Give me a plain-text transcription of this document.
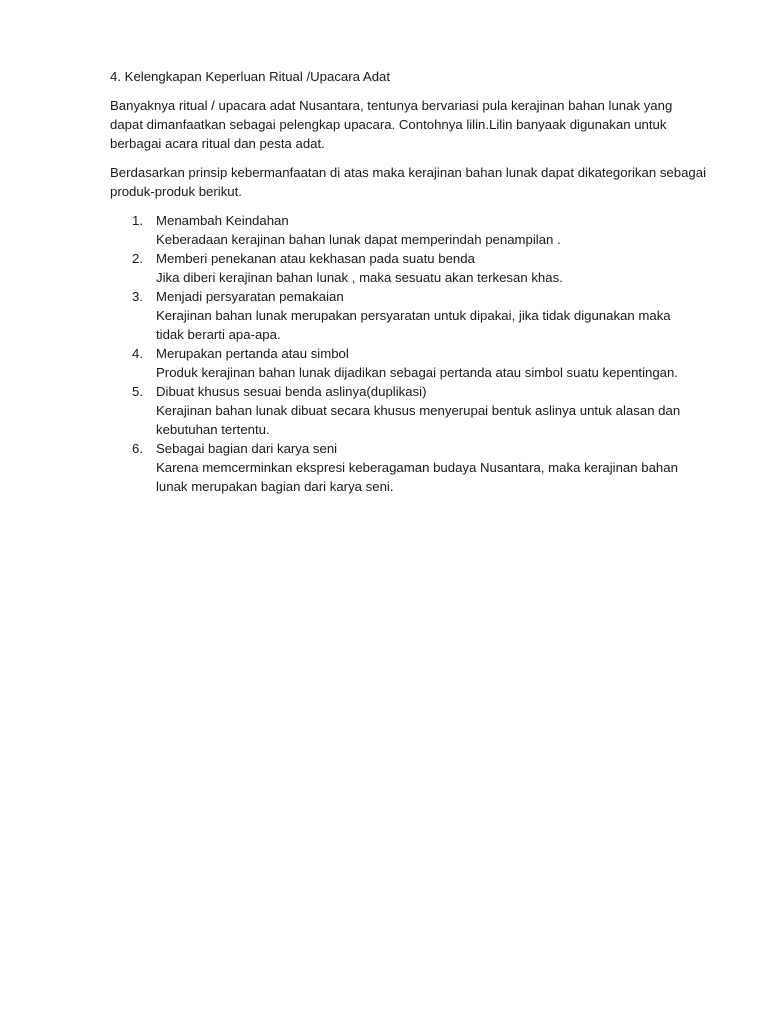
4. Kelengkapan Keperluan Ritual /Upacara Adat

Banyaknya ritual / upacara adat Nusantara, tentunya bervariasi pula kerajinan bahan lunak yang
dapat dimanfaatkan sebagai pelengkap upacara. Contohnya lilin.Lilin banyaak digunakan untuk
berbagai acara ritual dan pesta adat.

Berdasarkan prinsip kebermanfaatan di atas maka kerajinan bahan lunak dapat dikategorikan sebagai
produk-produk berikut.

1. Menambah Keindahan
Keberadaan kerajinan bahan lunak dapat memperindah penampilan .
2. Memberi penekanan atau kekhasan pada suatu benda
Jika diberi kerajinan bahan lunak , maka sesuatu akan terkesan khas.
3. Menjadi persyaratan pemakaian
Kerajinan bahan lunak merupakan persyaratan untuk dipakai, jika tidak digunakan maka
tidak berarti apa-apa.
4. Merupakan pertanda atau simbol
Produk kerajinan bahan lunak dijadikan sebagai pertanda atau simbol suatu kepentingan.
5. Dibuat khusus sesuai benda aslinya(duplikasi)
Kerajinan bahan lunak dibuat secara khusus menyerupai bentuk aslinya untuk alasan dan
kebutuhan tertentu.
6. Sebagai bagian dari karya seni
Karena memcerminkan ekspresi keberagaman budaya Nusantara, maka kerajinan bahan
lunak merupakan bagian dari karya seni.
